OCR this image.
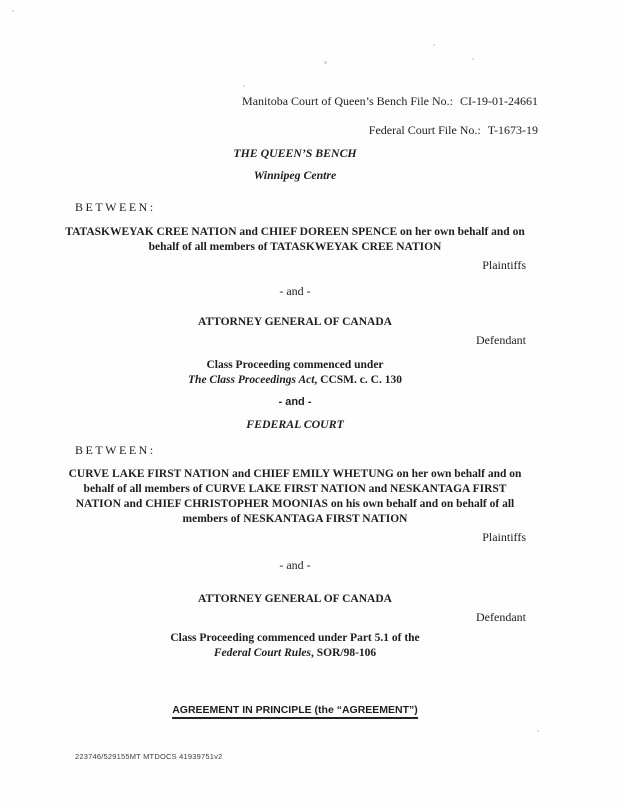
Manitoba Court of Queen’s Bench File No.: CI-19-01-24661
Federal Court File No.: T-1673-19
THE QUEEN’S BENCH
Winnipeg Centre
BETWEEN:
TATASKWEYAK CREE NATION and CHIEF DOREEN SPENCE on her own behalf and on behalf of all members of TATASKWEYAK CREE NATION
Plaintiffs
- and -
ATTORNEY GENERAL OF CANADA
Defendant
Class Proceeding commenced under
The Class Proceedings Act, CCSM. c. C. 130
- and -
FEDERAL COURT
BETWEEN:
CURVE LAKE FIRST NATION and CHIEF EMILY WHETUNG on her own behalf and on behalf of all members of CURVE LAKE FIRST NATION and NESKANTAGA FIRST NATION and CHIEF CHRISTOPHER MOONIAS on his own behalf and on behalf of all members of NESKANTAGA FIRST NATION
Plaintiffs
- and -
ATTORNEY GENERAL OF CANADA
Defendant
Class Proceeding commenced under Part 5.1 of the
Federal Court Rules, SOR/98-106
AGREEMENT IN PRINCIPLE (the “AGREEMENT”)
223746/529155MT MTDOCS 41939751v2
